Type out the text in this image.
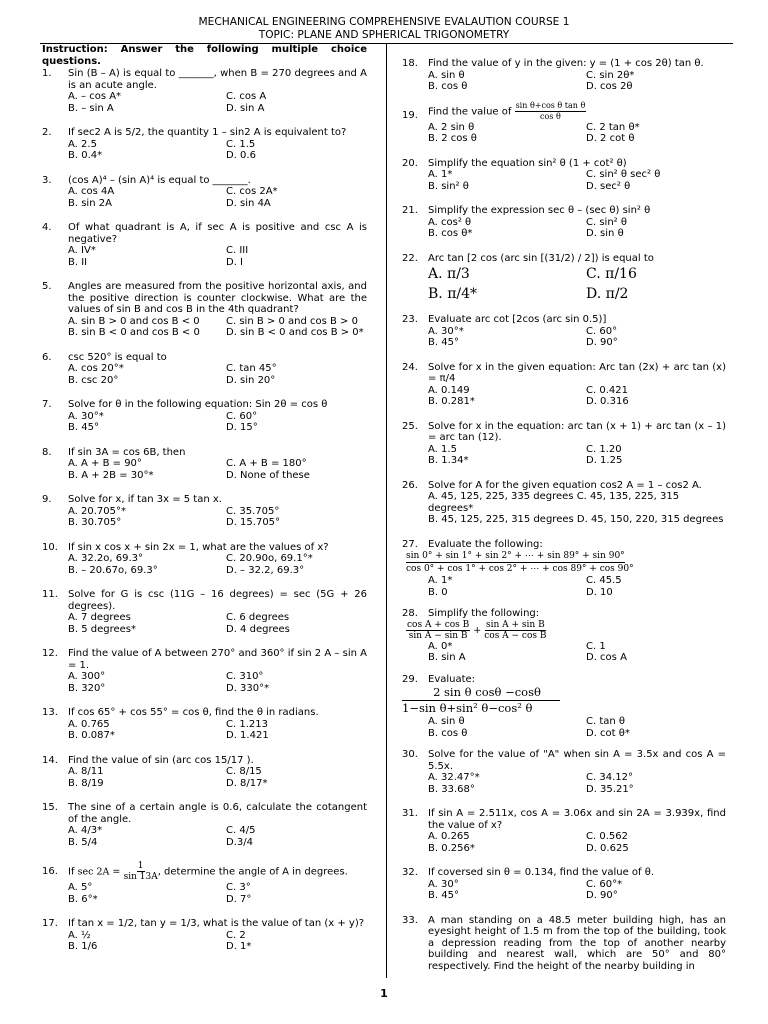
MECHANICAL ENGINEERING COMPREHENSIVE EVALAUTION COURSE 1
TOPIC: PLANE AND SPHERICAL TRIGONOMETRY
Instruction: Answer the following multiple choice questions.
1.	Sin (B – A) is equal to _______, when B = 270 degrees and A is an acute angle.
A. – cos A*	C. cos A
B. – sin A	D. sin A
2.	If sec2 A is 5/2, the quantity 1 – sin2 A is equivalent to?
A. 2.5	C. 1.5
B. 0.4*	D. 0.6
3.	(cos A)⁴ – (sin A)⁴ is equal to _______.
A. cos 4A	C. cos 2A*
B. sin 2A	D. sin 4A
4.	Of what quadrant is A, if sec A is positive and csc A is negative?
A. IV*	C. III
B. II	D. I
5.	Angles are measured from the positive horizontal axis, and the positive direction is counter clockwise. What are the values of sin B and cos B in the 4th quadrant?
A. sin B > 0 and cos B < 0	C. sin B > 0 and cos B > 0
B. sin B < 0 and cos B < 0	D. sin B < 0 and cos B > 0*
6.	csc 520° is equal to
A. cos 20°*	C. tan 45°
B. csc 20°	D. sin 20°
7.	Solve for θ in the following equation: Sin 2θ = cos θ
A. 30°*	C. 60°
B. 45°	D. 15°
8.	If sin 3A = cos 6B, then
A. A + B = 90°	C. A + B = 180°
B. A + 2B = 30°*	D. None of these
9.	Solve for x, if tan 3x = 5 tan x.
A. 20.705°*	C. 35.705°
B. 30.705°	D. 15.705°
10.	If sin x cos x + sin 2x = 1, what are the values of x?
A. 32.2o, 69.3°	C. 20.90o, 69.1°*
B. – 20.67o, 69.3°	D. – 32.2, 69.3°
11.	Solve for G is csc (11G – 16 degrees) = sec (5G + 26 degrees).
A. 7 degrees	C. 6 degrees
B. 5 degrees*	D. 4 degrees
12.	Find the value of A between 270° and 360° if sin 2 A – sin A = 1.
A. 300°	C. 310°
B. 320°	D. 330°*
13.	If cos 65° + cos 55° = cos θ, find the θ in radians.
A. 0.765	C. 1.213
B. 0.087*	D. 1.421
14.	Find the value of sin (arc cos 15/17 ).
A. 8/11	C. 8/15
B. 8/19	D. 8/17*
15.	The sine of a certain angle is 0.6, calculate the cotangent of the angle.
A. 4/3*	C. 4/5
B. 5/4	D.3/4
16.	If $\sec 2A = \frac{1}{\sin 13A}$ , determine the angle of A in degrees.
A. 5°	C. 3°
B. 6°*	D. 7°
17.	If tan x = 1/2, tan y = 1/3, what is the value of tan (x + y)?
A. ½	C. 2
B. 1/6	D. 1*
18.	Find the value of y in the given: y = (1 + cos 2θ) tan θ.
A. sin θ	C. sin 2θ*
B. cos θ	D. cos 2θ
19.	Find the value of $\frac{\text{sin θ+cos θ tan θ}}{\text{cos θ}}$
A. 2 sin θ	C. 2 tan θ*
B. 2 cos θ	D. 2 cot θ
20.	Simplify the equation sin² θ (1 + cot² θ)
A. 1*	C. sin² θ sec² θ
B. sin² θ	D. sec² θ
21.	Simplify the expression sec θ – (sec θ) sin² θ
A. cos² θ	C. sin² θ
B. cos θ*	D. sin θ
22.	Arc tan [2 cos (arc sin [(31/2) / 2]) is equal to
A. π/3	C. π/16
B. π/4*	D. π/2
23.	Evaluate arc cot [2cos (arc sin 0.5)]
A. 30°*	C. 60°
B. 45°	D. 90°
24.	Solve for x in the given equation: Arc tan (2x) + arc tan (x) = π/4
A. 0.149	C. 0.421
B. 0.281*	D. 0.316
25.	Solve for x in the equation: arc tan (x + 1) + arc tan (x – 1) = arc tan (12).
A. 1.5	C. 1.20
B. 1.34*	D. 1.25
26.	Solve for A for the given equation cos2 A = 1 – cos2 A.
A. 45, 125, 225, 335 degrees C. 45, 135, 225, 315 degrees*
B. 45, 125, 225, 315 degrees D. 45, 150, 220, 315 degrees
27.	Evaluate the following:
sin 0° + sin 1° + sin 2° + ⋯ + sin 89° + sin 90°
cos 0° + cos 1° + cos 2° + ⋯ + cos 89° + cos 90°
A. 1*	C. 45.5
B. 0	D. 10
28.	Simplify the following:
$\frac{\text{cos A + cos B}}{\text{sin A − sin B}} + \frac{\text{sin A + sin B}}{\text{cos A − cos B}}$
A. 0*	C. 1
B. sin A	D. cos A
29.	Evaluate:
2 sin θ cosθ −cosθ
1−sin θ+sin² θ−cos² θ
A. sin θ	C. tan θ
B. cos θ	D. cot θ*
30.	Solve for the value of "A" when sin A = 3.5x and cos A = 5.5x.
A. 32.47°*	C. 34.12°
B. 33.68°	D. 35.21°
31.	If sin A = 2.511x, cos A = 3.06x and sin 2A = 3.939x, find the value of x?
A. 0.265	C. 0.562
B. 0.256*	D. 0.625
32.	If coversed sin θ = 0.134, find the value of θ.
A. 30°	C. 60°*
B. 45°	D. 90°
33.	A man standing on a 48.5 meter building high, has an eyesight height of 1.5 m from the top of the building, took a depression reading from the top of another nearby building and nearest wall, which are 50° and 80° respectively. Find the height of the nearby building in
1
